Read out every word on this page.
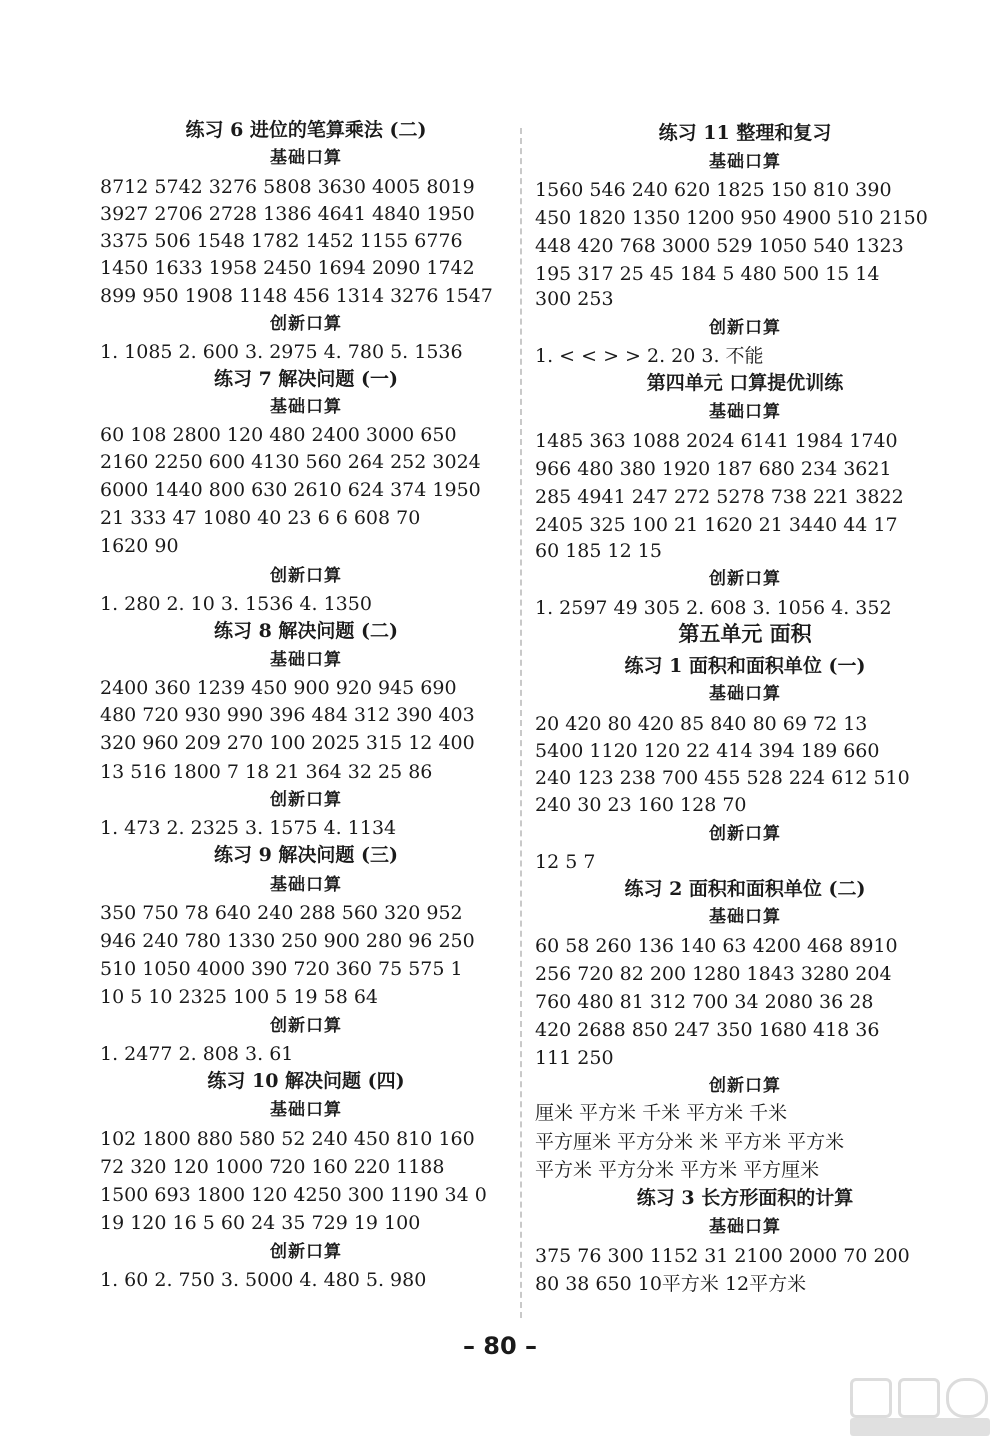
练习 6 进位的笔算乘法 (二)
基础口算
8712 5742 3276 5808 3630 4005 8019
3927 2706 2728 1386 4641 4840 1950
3375 506 1548 1782 1452 1155 6776
1450 1633 1958 2450 1694 2090 1742
899 950 1908 1148 456 1314 3276 1547
创新口算
1. 1085 2. 600 3. 2975 4. 780 5. 1536
练习 7 解决问题 (一)
基础口算
60 108 2800 120 480 2400 3000 650
2160 2250 600 4130 560 264 252 3024
6000 1440 800 630 2610 624 374 1950
21 333 47 1080 40 23 6 6 608 70
1620 90
创新口算
1. 280 2. 10 3. 1536 4. 1350
练习 8 解决问题 (二)
基础口算
2400 360 1239 450 900 920 945 690
480 720 930 990 396 484 312 390 403
320 960 209 270 100 2025 315 12 400
13 516 1800 7 18 21 364 32 25 86
创新口算
1. 473 2. 2325 3. 1575 4. 1134
练习 9 解决问题 (三)
基础口算
350 750 78 640 240 288 560 320 952
946 240 780 1330 250 900 280 96 250
510 1050 4000 390 720 360 75 575 1
10 5 10 2325 100 5 19 58 64
创新口算
1. 2477 2. 808 3. 61
练习 10 解决问题 (四)
基础口算
102 1800 880 580 52 240 450 810 160
72 320 120 1000 720 160 220 1188
1500 693 1800 120 4250 300 1190 34 0
19 120 16 5 60 24 35 729 19 100
创新口算
1. 60 2. 750 3. 5000 4. 480 5. 980
练习 11 整理和复习
基础口算
1560 546 240 620 1825 150 810 390
450 1820 1350 1200 950 4900 510 2150
448 420 768 3000 529 1050 540 1323
195 317 25 45 184 5 480 500 15 14
300 253
创新口算
1. < < > > 2. 20 3. 不能
第四单元 口算提优训练
基础口算
1485 363 1088 2024 6141 1984 1740
966 480 380 1920 187 680 234 3621
285 4941 247 272 5278 738 221 3822
2405 325 100 21 1620 21 3440 44 17
60 185 12 15
创新口算
1. 2597 49 305 2. 608 3. 1056 4. 352
第五单元 面积
练习 1 面积和面积单位 (一)
基础口算
20 420 80 420 85 840 80 69 72 13
5400 1120 120 22 414 394 189 660
240 123 238 700 455 528 224 612 510
240 30 23 160 128 70
创新口算
12 5 7
练习 2 面积和面积单位 (二)
基础口算
60 58 260 136 140 63 4200 468 8910
256 720 82 200 1280 1843 3280 204
760 480 81 312 700 34 2080 36 28
420 2688 850 247 350 1680 418 36
111 250
创新口算
厘米 平方米 千米 平方米 千米
平方厘米 平方分米 米 平方米 平方米
平方米 平方分米 平方米 平方厘米
练习 3 长方形面积的计算
基础口算
375 76 300 1152 31 2100 2000 70 200
80 38 650 10平方米 12平方米
– 80 –
